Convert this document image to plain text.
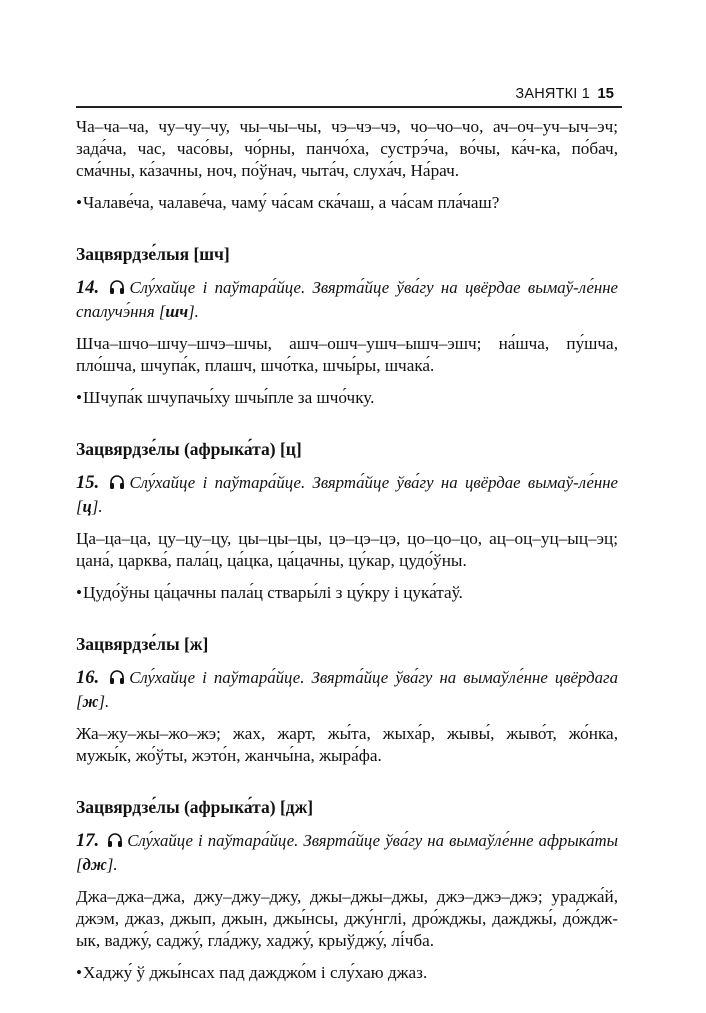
ЗАНЯТКІ 1 15

Ча–ча–ча, чу–чу–чу, чы–чы–чы, чэ–чэ–чэ, чо–чо–чо, ач–оч–уч–ыч–эч; зада́ча, час, часо́вы, чо́рны, панчо́ха, сустрэ́ча, во́чы, ка́ч-ка, по́бач, сма́чны, ка́зачны, ноч, по́ўнач, чыта́ч, слуха́ч, На́рач.

•Чалаве́ча, чалаве́ча, чаму́ ча́сам ска́чаш, а ча́сам пла́чаш?

Зацвярдзе́лыя [шч]

14. Слу́хайце і паўтара́йце. Звярта́йце ўва́гу на цвёрдае вымаў-ле́нне спалучэ́ння [шч].

Шча–шчо–шчу–шчэ–шчы, ашч–ошч–ушч–ышч–эшч; на́шча, пу́шча, пло́шча, шчупа́к, плашч, шчо́тка, шчы́ры, шчака́.

•Шчупа́к шчупачы́ху шчы́пле за шчо́чку.

Зацвярдзе́лы (афрыка́та) [ц]

15. Слу́хайце і паўтара́йце. Звярта́йце ўва́гу на цвёрдае вымаў-ле́нне [ц].

Ца–ца–ца, цу–цу–цу, цы–цы–цы, цэ–цэ–цэ, цо–цо–цо, ац–оц–уц–ыц–эц; цана́, царква́, пала́ц, ца́цка, ца́цачны, цу́кар, цудо́ўны.

•Цудо́ўны ца́цачны пала́ц ствары́лі з цу́кру і цука́таў.

Зацвярдзе́лы [ж]

16. Слу́хайце і паўтара́йце. Звярта́йце ўва́гу на вымаўле́нне цвёрдага [ж].

Жа–жу–жы–жо–жэ; жах, жарт, жы́та, жыха́р, жывы́, жыво́т, жо́нка, мужы́к, жо́ўты, жэто́н, жанчы́на, жыра́фа.

Зацвярдзе́лы (афрыка́та) [дж]

17. Слу́хайце і паўтара́йце. Звярта́йце ўва́гу на вымаўле́нне афрыка́ты [дж].

Джа–джа–джа, джу–джу–джу, джы–джы–джы, джэ–джэ–джэ; ураджа́й, джэм, джаз, джып, джын, джы́нсы, джу́нглі, дро́жджы, дажджы́, до́жджык, ваджу́, саджу́, гла́джу, хаджу́, крыўджу́, лі́чба.

•Хаджу́ ў джы́нсах пад дажджо́м і слу́хаю джаз.
